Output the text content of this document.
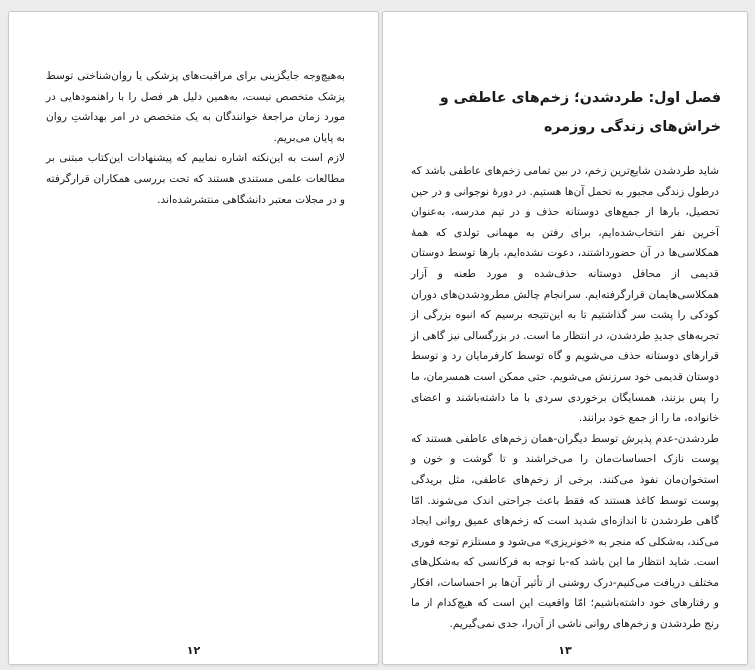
به‌هیچ‌وجه جایگزینی برای مراقبت‌های پزشکی یا روان‌شناختی توسط پزشک متخصص نیست، به‌همین دلیل هر فصل را با راهنمودهایی در مورد زمان مراجعهٔ خوانندگان به یک متخصص در امر بهداشتِ روان به پایان می‌بریم.

لازم است به این‌نکته اشاره نماییم که پیشنهادات این‌کتاب مبتنی بر مطالعات علمی مستندی هستند که تحت بررسی همکاران قرارگرفته و در مجلات معتبر دانشگاهی منتشرشده‌اند.

۱۲
فصل اول: طردشدن؛ زخم‌های عاطفی و خراش‌های زندگی روزمره

شاید طردشدن شایع‌ترین زخم، در بین تمامی زخم‌های عاطفی باشد که درطول زندگی مجبور به تحمل آن‌ها هستیم. در دورهٔ نوجوانی و در حین تحصیل، بارها از جمع‌های دوستانه حذف و در تیم مدرسه، به‌عنوان آخرین نفر انتخاب‌شده‌ایم، برای رفتن به مهمانی تولدی که همهٔ همکلاسی‌ها در آن حضورداشتند، دعوت نشده‌ایم، بارها توسط دوستان قدیمی از محافل دوستانه حذف‌شده و مورد طعنه و آزار همکلاسی‌هایمان قرارگرفته‌ایم. سرانجام چالش مطرودشدن‌های دوران کودکی را پشت سر گذاشتیم تا به این‌نتیجه برسیم که انبوه بزرگی از تجربه‌های جدیدِ طردشدن، در انتظار ما است. در بزرگسالی نیز گاهی از قرارهای دوستانه حذف می‌شویم و گاه توسط کارفرمایان رد و توسط دوستان قدیمی خود سرزنش می‌شویم. حتی ممکن است همسرمان، ما را پس بزنند، همسایگان برخوردی سردی با ما داشته‌باشند و اعضای خانواده، ما را از جمع خود برانند.

طردشدن-عدم پذیرش توسط دیگران-همان زخم‌های عاطفی هستند که پوست نازک احساسات‌مان را می‌خراشند و تا گوشت و خون و استخوان‌مان نفوذ می‌کنند. برخی از زخم‌های عاطفی، مثل بریدگی پوست توسط کاغذ هستند که فقط باعث جراحتی اندک می‌شوند. امّا گاهی طردشدن تا اندازه‌ای شدید است که زخم‌های عمیق روانی ایجاد می‌کند، به‌شکلی که منجر به «خونریزی» می‌شود و مستلزم توجه فوری است. شاید انتظار ما این باشد که-با توجه به فرکانسی که به‌شکل‌های مختلف دریافت می‌کنیم-درک روشنی از تأثیر آن‌ها بر احساسات، افکار و رفتارهای خود داشته‌باشیم؛ امّا واقعیت این است که هیچ‌کدام از ما رنج طردشدن و زخم‌های روانی ناشی از آن‌را، جدی نمی‌گیریم.

۱۳
